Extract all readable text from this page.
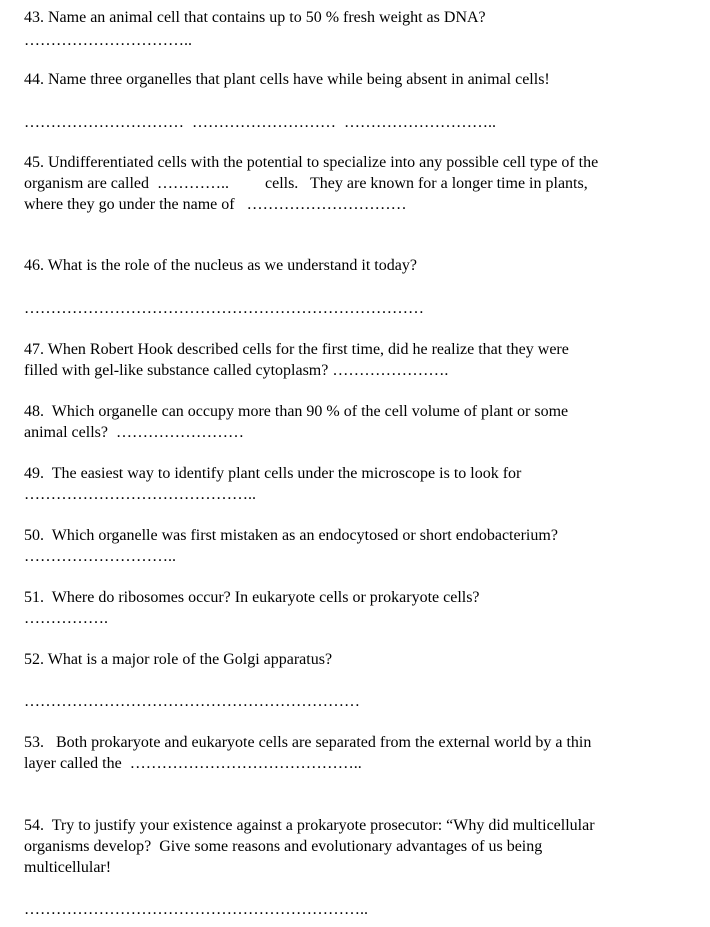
43. Name an animal cell that contains up to 50 % fresh weight as DNA?
…………………………..
44. Name three organelles that plant cells have while being absent in animal cells!
…………………………  ………………………  ………………………..
45. Undifferentiated cells with the potential to specialize into any possible cell type of the
organism are called  …………..         cells.   They are known for a longer time in plants,
where they go under the name of   …………………………
46. What is the role of the nucleus as we understand it today?
…………………………………………………………………
47. When Robert Hook described cells for the first time, did he realize that they were
filled with gel-like substance called cytoplasm? ………………….
48.  Which organelle can occupy more than 90 % of the cell volume of plant or some
animal cells?  ……………………
49.  The easiest way to identify plant cells under the microscope is to look for
……………………………………..
50.  Which organelle was first mistaken as an endocytosed or short endobacterium?
………………………..
51.  Where do ribosomes occur? In eukaryote cells or prokaryote cells?
…………….
52. What is a major role of the Golgi apparatus?
………………………………………………………
53.   Both prokaryote and eukaryote cells are separated from the external world by a thin
layer called the  ……………………………………..
54.  Try to justify your existence against a prokaryote prosecutor: “Why did multicellular
organisms develop?  Give some reasons and evolutionary advantages of us being
multicellular!
………………………………………………………..
